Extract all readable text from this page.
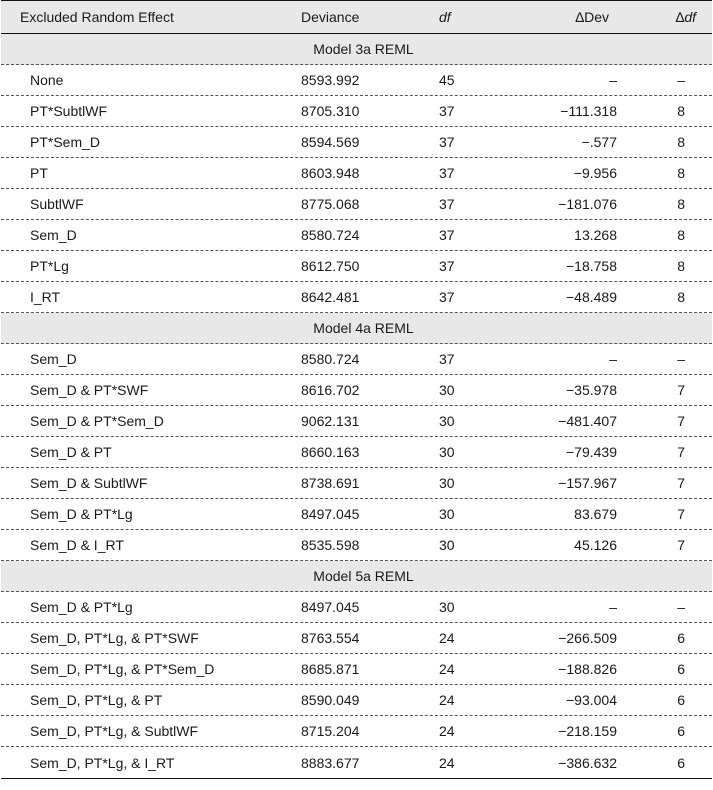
Excluded Random Effect	Deviance	df	∆Dev	∆df
Model 3a REML
None	8593.992	45	–	–
PT*SubtlWF	8705.310	37	−111.318	8
PT*Sem_D	8594.569	37	−.577	8
PT	8603.948	37	−9.956	8
SubtlWF	8775.068	37	−181.076	8
Sem_D	8580.724	37	13.268	8
PT*Lg	8612.750	37	−18.758	8
I_RT	8642.481	37	−48.489	8
Model 4a REML
Sem_D	8580.724	37	–	–
Sem_D & PT*SWF	8616.702	30	−35.978	7
Sem_D & PT*Sem_D	9062.131	30	−481.407	7
Sem_D & PT	8660.163	30	−79.439	7
Sem_D & SubtlWF	8738.691	30	−157.967	7
Sem_D & PT*Lg	8497.045	30	83.679	7
Sem_D & I_RT	8535.598	30	45.126	7
Model 5a REML
Sem_D & PT*Lg	8497.045	30	–	–
Sem_D, PT*Lg, & PT*SWF	8763.554	24	−266.509	6
Sem_D, PT*Lg, & PT*Sem_D	8685.871	24	−188.826	6
Sem_D, PT*Lg, & PT	8590.049	24	−93.004	6
Sem_D, PT*Lg, & SubtlWF	8715.204	24	−218.159	6
Sem_D, PT*Lg, & I_RT	8883.677	24	−386.632	6
